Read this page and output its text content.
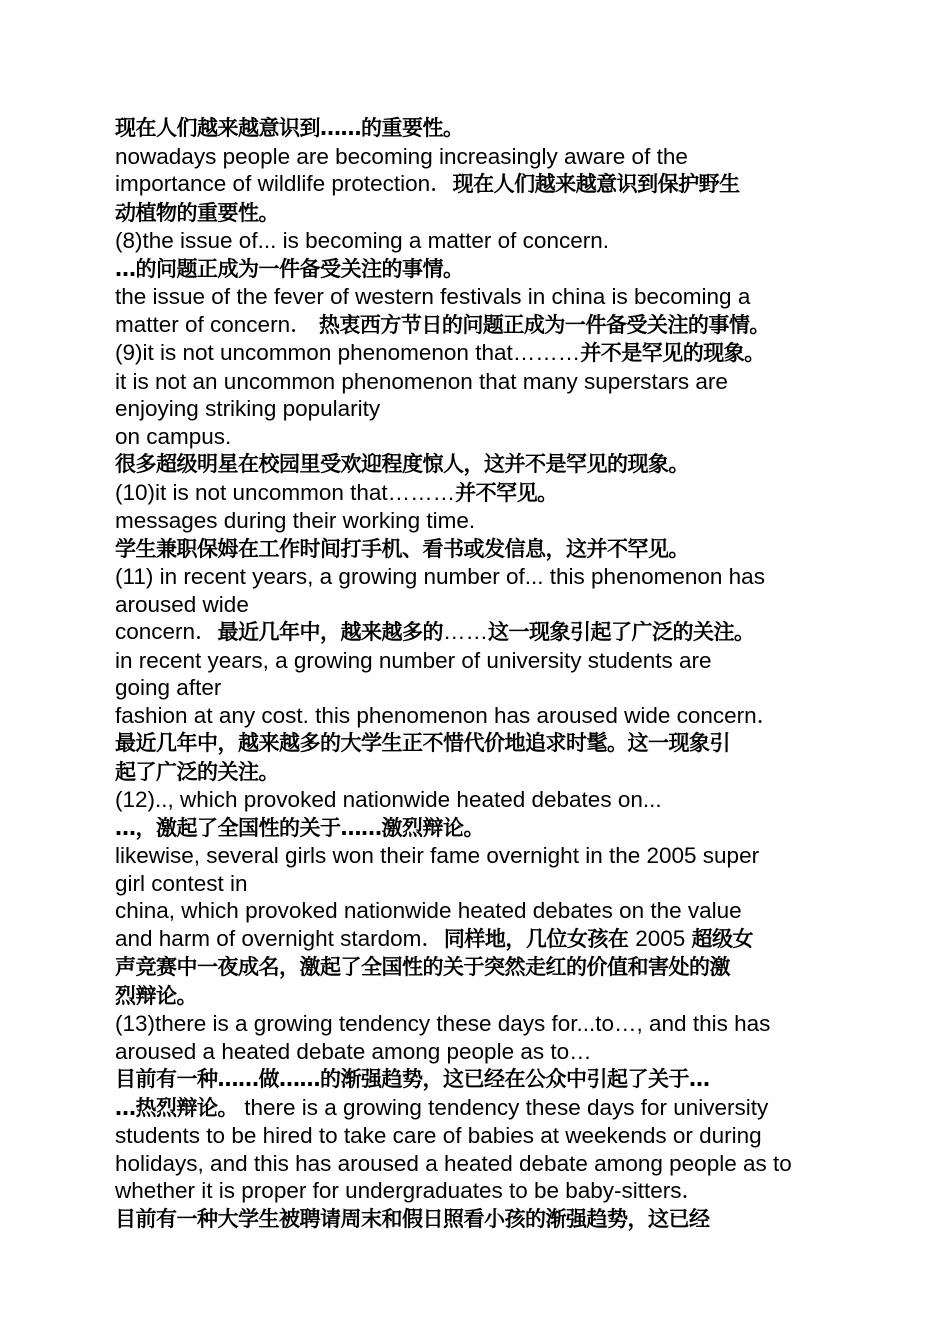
现在人们越来越意识到……的重要性。
nowadays people are becoming increasingly aware of the
importance of wildlife protection．现在人们越来越意识到保护野生
动植物的重要性。
(8)the issue of... is becoming a matter of concern.
…的问题正成为一件备受关注的事情。
the issue of the fever of western festivals in china is becoming a
matter of concern． 热衷西方节日的问题正成为一件备受关注的事情。
(9)it is not uncommon phenomenon that………并不是罕见的现象。
it is not an uncommon phenomenon that many superstars are
enjoying striking popularity
on campus.
很多超级明星在校园里受欢迎程度惊人，这并不是罕见的现象。
(10)it is not uncommon that………并不罕见。
messages during their working time.
学生兼职保姆在工作时间打手机、看书或发信息，这并不罕见。
(11) in recent years, a growing number of... this phenomenon has
aroused wide
concern．最近几年中，越来越多的……这一现象引起了广泛的关注。
in recent years, a growing number of university students are
going after
fashion at any cost. this phenomenon has aroused wide concern．
最近几年中，越来越多的大学生正不惜代价地追求时髦。这一现象引
起了广泛的关注。
(12).., which provoked nationwide heated debates on...
…，激起了全国性的关于……激烈辩论。
likewise, several girls won their fame overnight in the 2005 super
girl contest in
china, which provoked nationwide heated debates on the value
and harm of overnight stardom．同样地，几位女孩在 2005 超级女
声竞赛中一夜成名，激起了全国性的关于突然走红的价值和害处的激
烈辩论。
(13)there is a growing tendency these days for...to…, and this has
aroused a heated debate among people as to…
目前有一种……做……的渐强趋势，这已经在公众中引起了关于…
…热烈辩论。 there is a growing tendency these days for university
students to be hired to take care of babies at weekends or during
holidays, and this has aroused a heated debate among people as to
whether it is proper for undergraduates to be baby-sitters．
目前有一种大学生被聘请周末和假日照看小孩的渐强趋势，这已经
